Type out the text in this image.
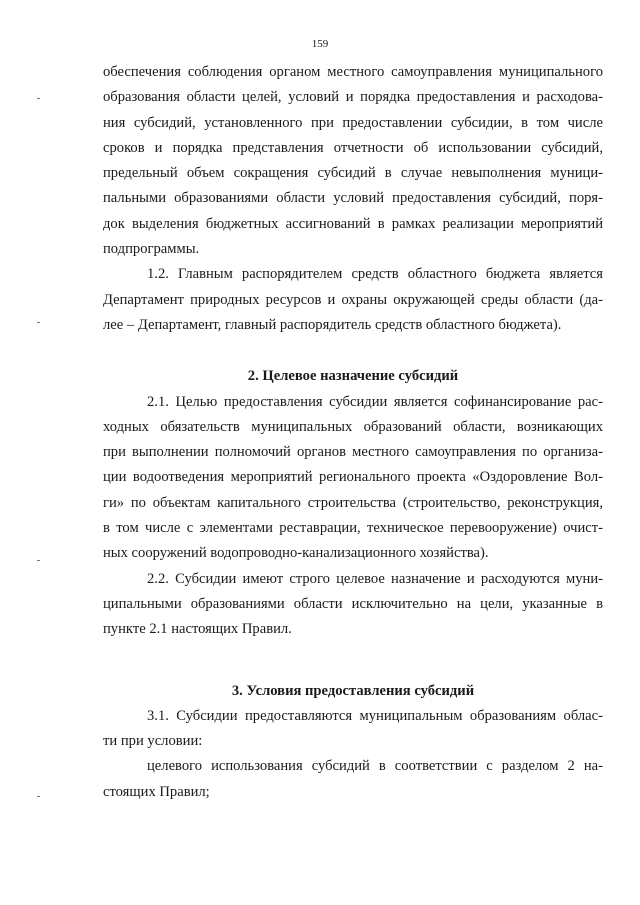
159
обеспечения соблюдения органом местного самоуправления муниципального
образования области целей, условий и порядка предоставления и расходова-
ния субсидий, установленного при предоставлении субсидии, в том числе
сроков и порядка представления отчетности об использовании субсидий,
предельный объем сокращения субсидий в случае невыполнения муници-
пальными образованиями области условий предоставления субсидий, поря-
док выделения бюджетных ассигнований в рамках реализации мероприятий
подпрограммы.
1.2. Главным распорядителем средств областного бюджета является
Департамент природных ресурсов и охраны окружающей среды области (да-
лее – Департамент, главный распорядитель средств областного бюджета).
2. Целевое назначение субсидий
2.1. Целью предоставления субсидии является софинансирование рас-
ходных обязательств муниципальных образований области, возникающих
при выполнении полномочий органов местного самоуправления по организа-
ции водоотведения мероприятий регионального проекта «Оздоровление Вол-
ги» по объектам капитального строительства (строительство, реконструкция,
в том числе с элементами реставрации, техническое перевооружение) очист-
ных сооружений водопроводно-канализационного хозяйства).
2.2. Субсидии имеют строго целевое назначение и расходуются муни-
ципальными образованиями области исключительно на цели, указанные в
пункте 2.1 настоящих Правил.
3. Условия предоставления субсидий
3.1. Субсидии предоставляются муниципальным образованиям облас-
ти при условии:
целевого использования субсидий в соответствии с разделом 2 на-
стоящих Правил;
